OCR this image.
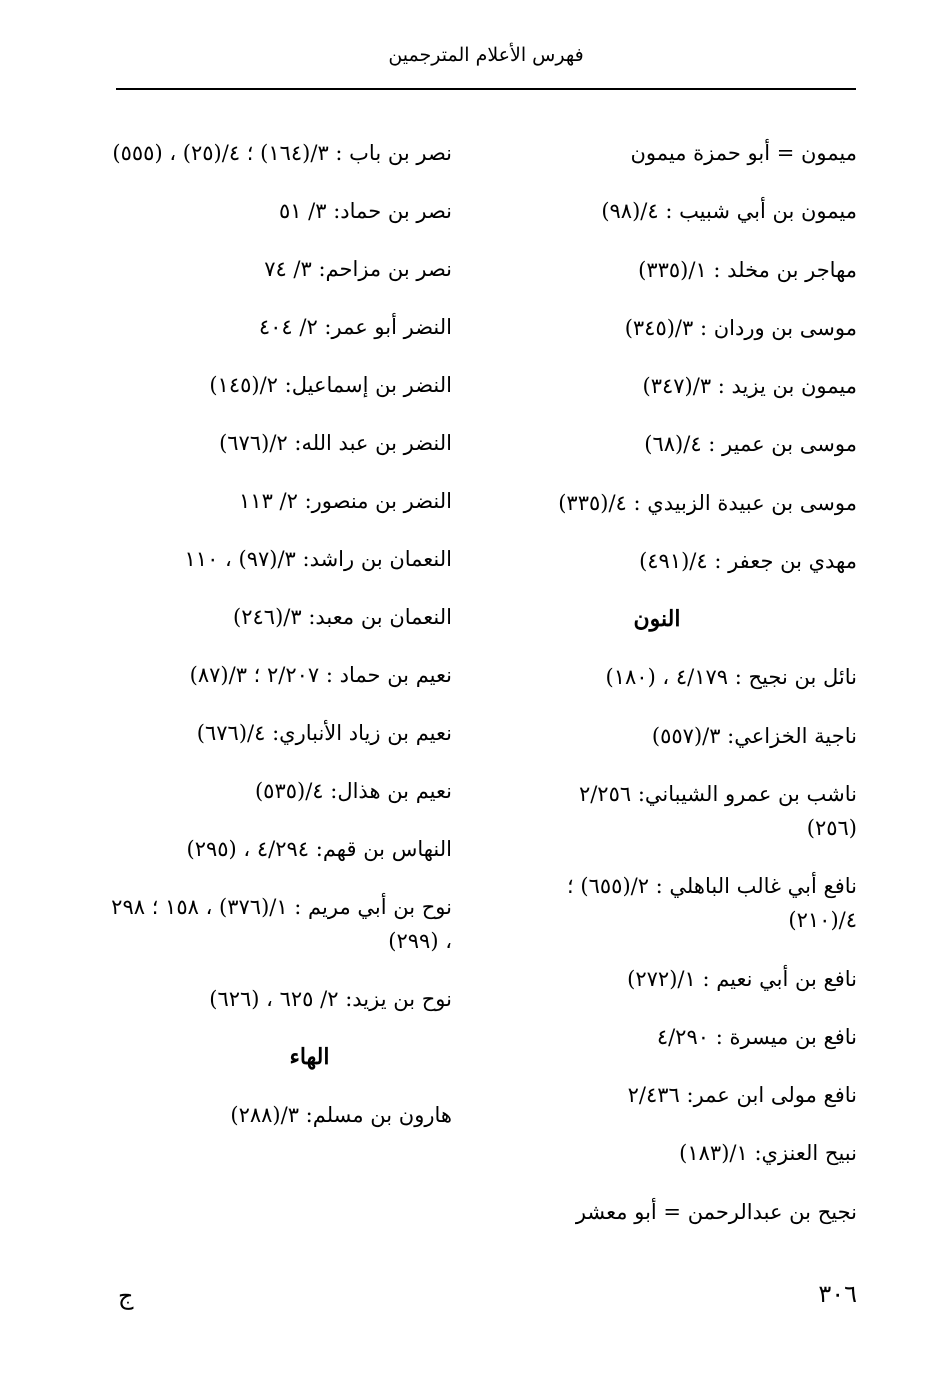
فهرس الأعلام المترجمين
ميمون = أبو حمزة ميمون
ميمون بن أبي شبيب : ٤/(٩٨)
مهاجر بن مخلد : ١/(٣٣٥)
موسى بن وردان : ٣/(٣٤٥)
ميمون بن يزيد : ٣/(٣٤٧)
موسى بن عمير : ٤/(٦٨)
موسى بن عبيدة الزبيدي : ٤/(٣٣٥)
مهدي بن جعفر : ٤/(٤٩١)
النون
نائل بن نجيح : ٤/١٧٩ ، (١٨٠)
ناجية الخزاعي: ٣/(٥٥٧)
ناشب بن عمرو الشيباني: ٢/٢٥٦ (٢٥٦)
نافع أبي غالب الباهلي : ٢/(٦٥٥) ؛ ٤/(٢١٠)
نافع بن أبي نعيم : ١/(٢٧٢)
نافع بن ميسرة : ٤/٢٩٠
نافع مولى ابن عمر: ٢/٤٣٦
نبيح العنزي: ١/(١٨٣)
نجيح بن عبدالرحمن = أبو معشر
نصر بن باب : ٣/(١٦٤) ؛ ٤/(٢٥) ، (٥٥٥)
نصر بن حماد: ٣/ ٥١
نصر بن مزاحم: ٣/ ٧٤
النضر أبو عمر: ٢/ ٤٠٤
النضر بن إسماعيل: ٢/(١٤٥)
النضر بن عبد الله: ٢/(٦٧٦)
النضر بن منصور: ٢/ ١١٣
النعمان بن راشد: ٣/(٩٧) ، ١١٠
النعمان بن معبد: ٣/(٢٤٦)
نعيم بن حماد : ٢/٢٠٧ ؛ ٣/(٨٧)
نعيم بن زياد الأنباري: ٤/(٦٧٦)
نعيم بن هذال: ٤/(٥٣٥)
النهاس بن قهم: ٤/٢٩٤ ، (٢٩٥)
نوح بن أبي مريم : ١/(٣٧٦) ، ١٥٨ ؛ ٢٩٨ ، (٢٩٩)
نوح بن يزيد: ٢/ ٦٢٥ ، (٦٢٦)
الهاء
هارون بن مسلم: ٣/(٢٨٨)
٣٠٦
ج
